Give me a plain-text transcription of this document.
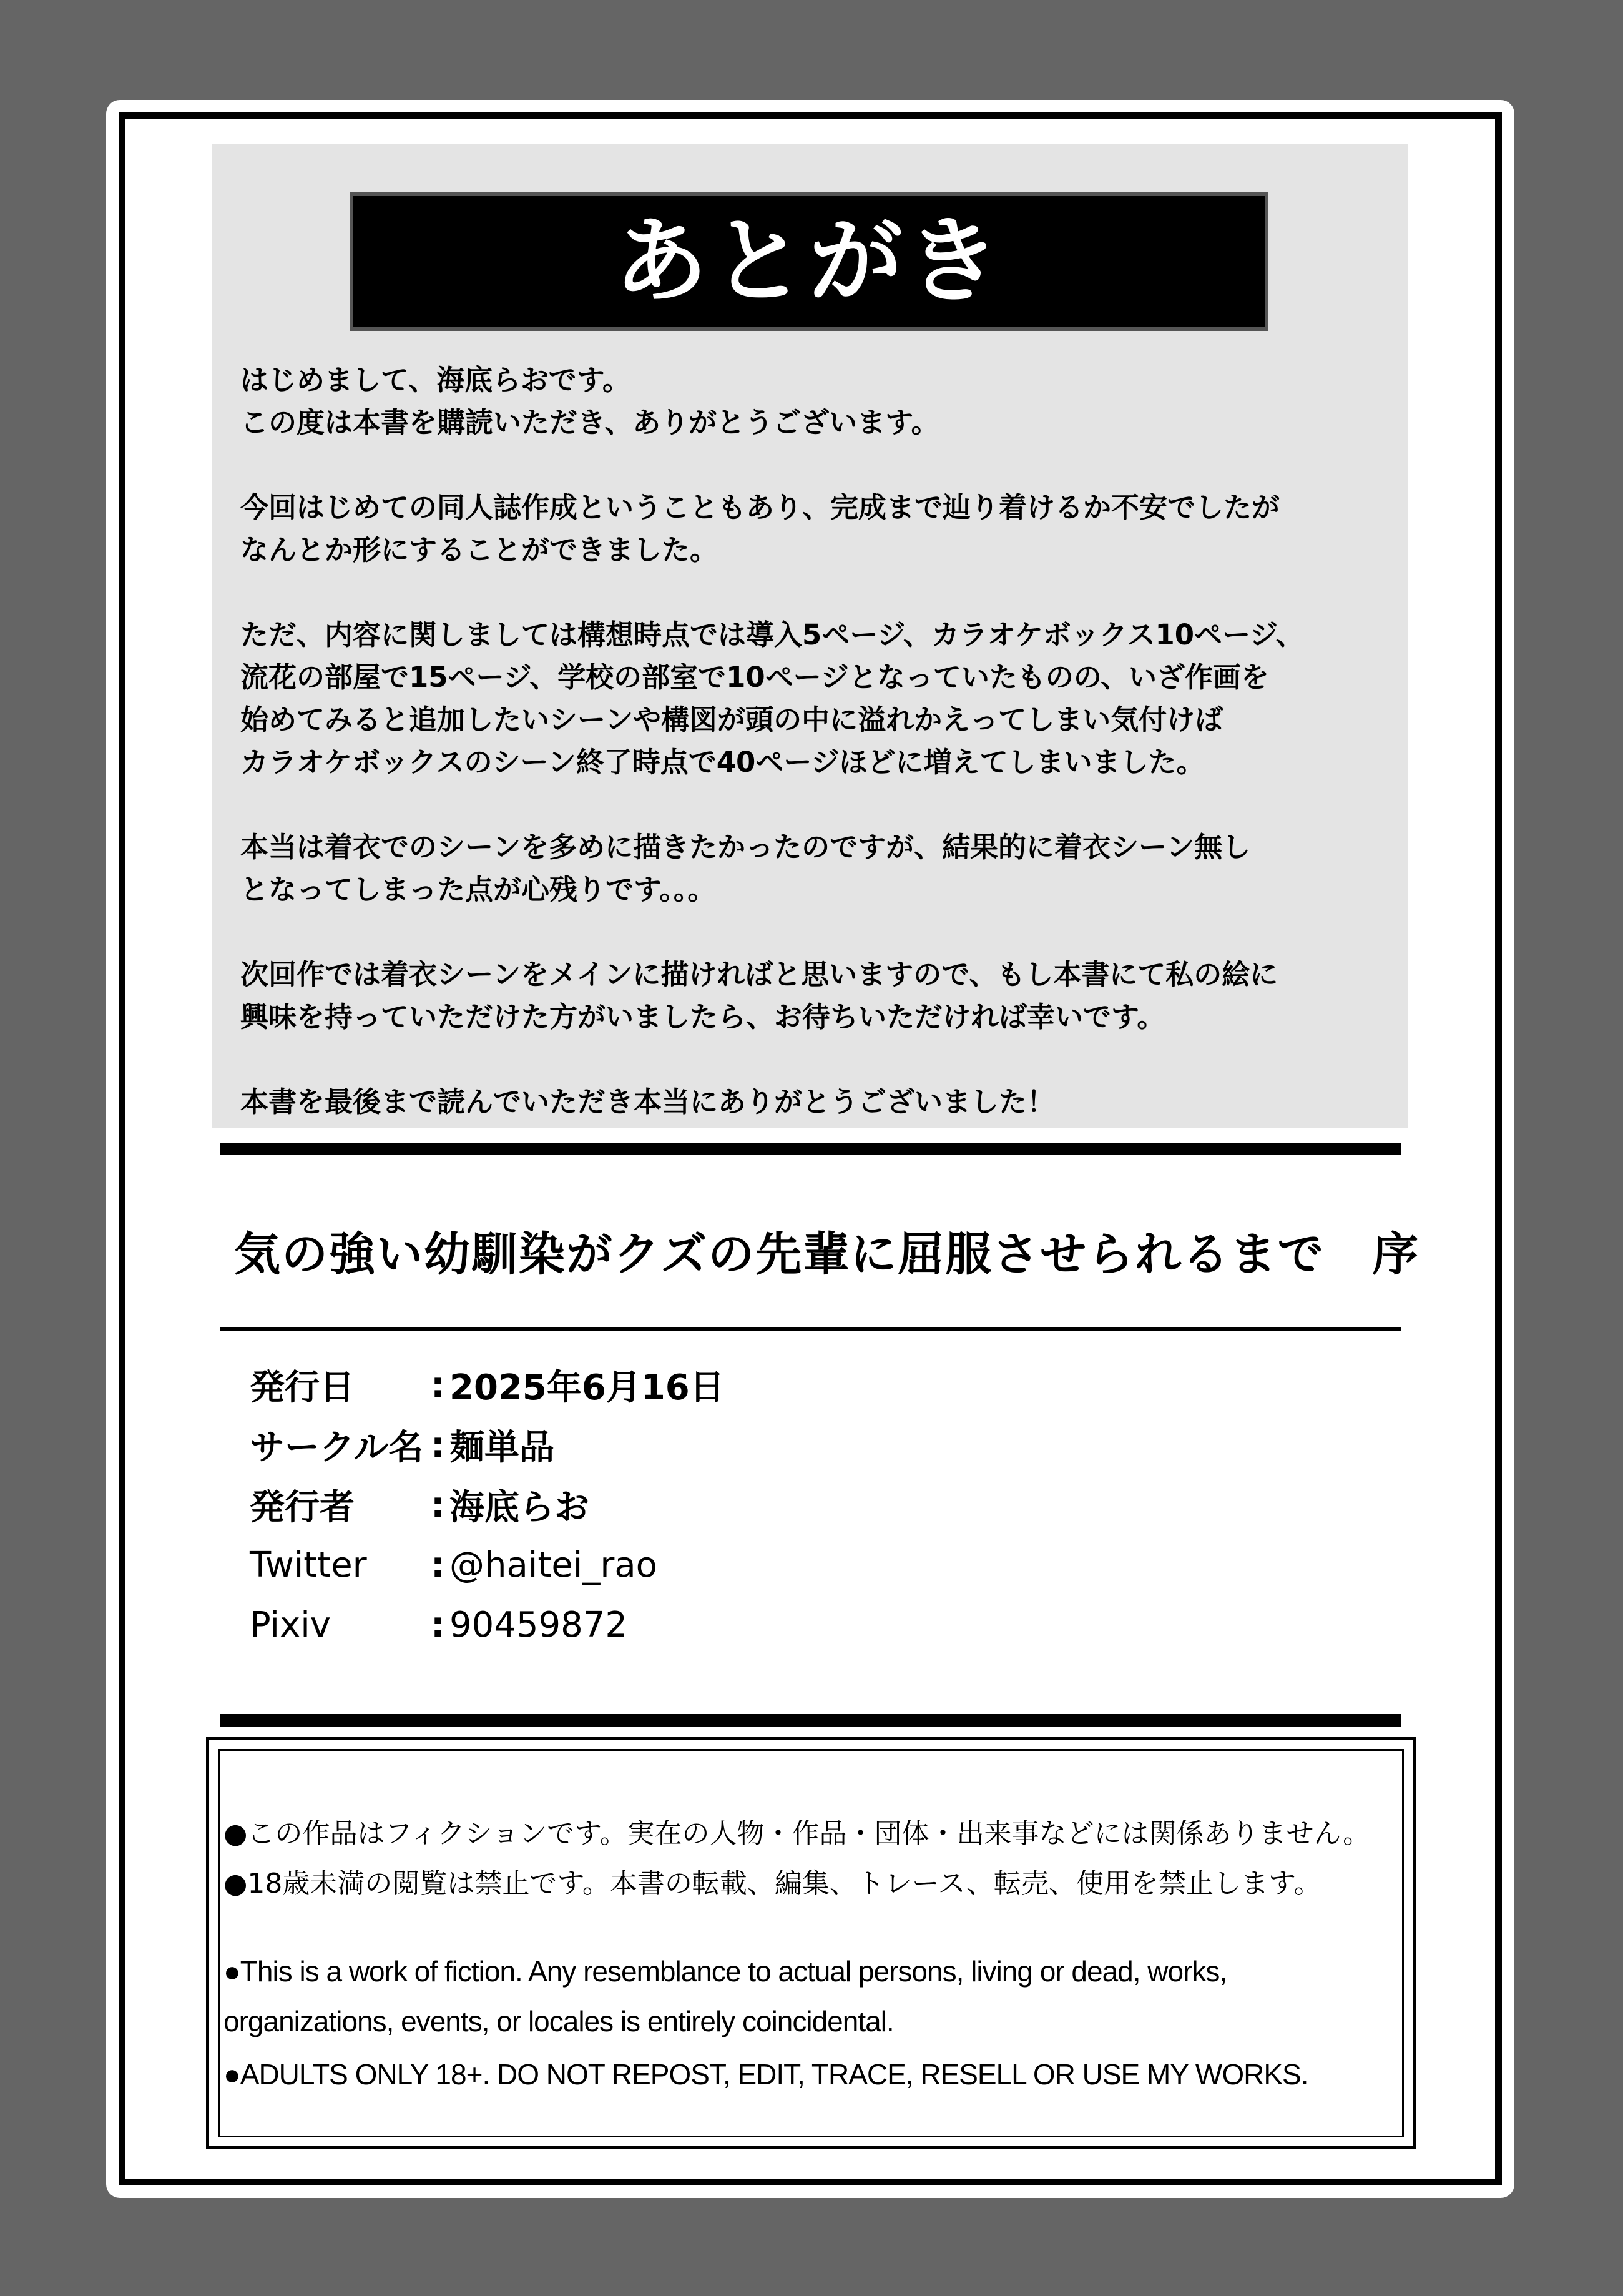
あとがき

はじめまして、海底らおです。
この度は本書を購読いただき、ありがとうございます。

今回はじめての同人誌作成ということもあり、完成まで辿り着けるか不安でしたが
なんとか形にすることができました。

ただ、内容に関しましては構想時点では導入5ページ、カラオケボックス10ページ、
流花の部屋で15ページ、学校の部室で10ページとなっていたものの、いざ作画を
始めてみると追加したいシーンや構図が頭の中に溢れかえってしまい気付けば
カラオケボックスのシーン終了時点で40ページほどに増えてしまいました。

本当は着衣でのシーンを多めに描きたかったのですが、結果的に着衣シーン無し
となってしまった点が心残りです。。。

次回作では着衣シーンをメインに描ければと思いますので、もし本書にて私の絵に
興味を持っていただけた方がいましたら、お待ちいただければ幸いです。

本書を最後まで読んでいただき本当にありがとうございました！

気の強い幼馴染がクズの先輩に屈服させられるまで　序
発行日	: 2025年6月16日
サークル名 : 麺単品
発行者	: 海底らお
Twitter	: @haitei_rao
Pixiv	: 90459872
●この作品はフィクションです。実在の人物・作品・団体・出来事などには関係ありません。
●18歳未満の閲覧は禁止です。本書の転載、編集、トレース、転売、使用を禁止します。
●This is a work of fiction. Any resemblance to actual persons, living or dead, works,
organizations, events, or locales is entirely coincidental.
●ADULTS ONLY 18+. DO NOT REPOST, EDIT, TRACE, RESELL OR USE MY WORKS.
